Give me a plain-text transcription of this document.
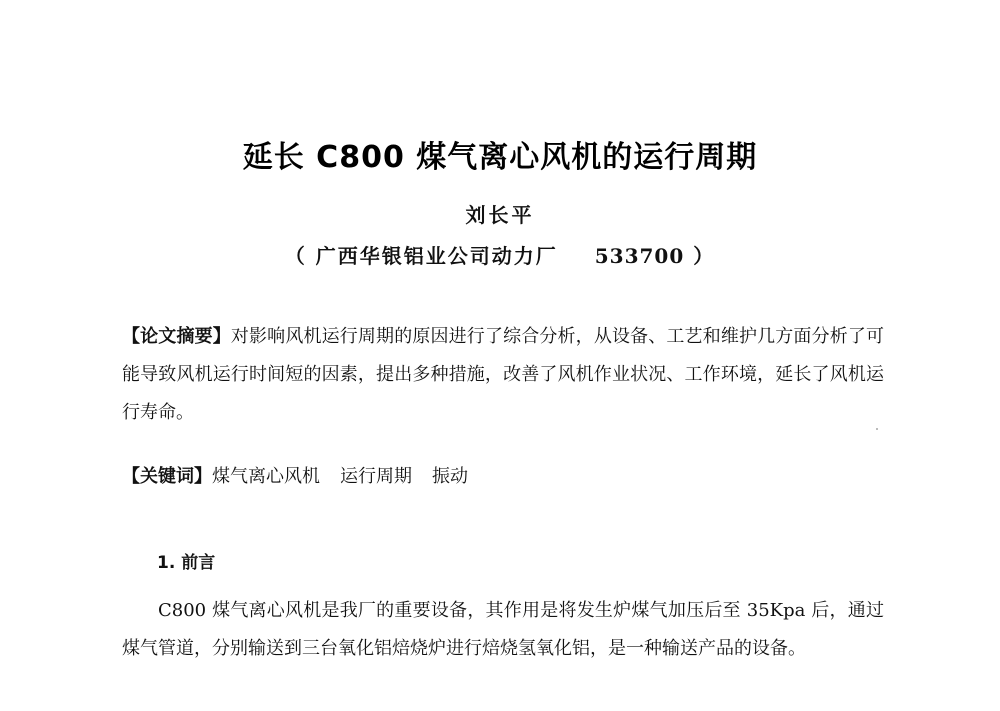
延长 C800 煤气离心风机的运行周期
刘长平
（ 广西华银铝业公司动力厂 533700 ）

【论文摘要】对影响风机运行周期的原因进行了综合分析，从设备、工艺和维护几方面分析了可能导致风机运行时间短的因素，提出多种措施，改善了风机作业状况、工作环境，延长了风机运行寿命。

【关键词】煤气离心风机 运行周期 振动

1. 前言

C800 煤气离心风机是我厂的重要设备，其作用是将发生炉煤气加压后至 35Kpa 后，通过煤气管道，分别输送到三台氧化铝焙烧炉进行焙烧氢氧化铝，是一种输送产品的设备。
